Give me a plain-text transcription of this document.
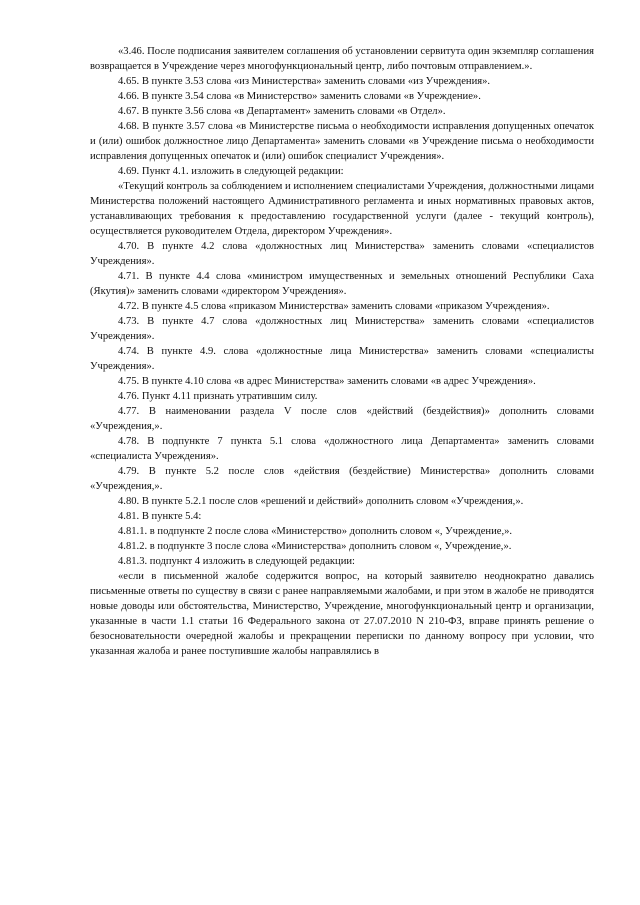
«3.46. После подписания заявителем соглашения об установлении сервитута один экземпляр соглашения возвращается в Учреждение через многофункциональный центр, либо почтовым отправлением.».

4.65. В пункте 3.53 слова «из Министерства» заменить словами «из Учреждения».

4.66. В пункте 3.54 слова «в Министерство» заменить словами «в Учреждение».

4.67. В пункте 3.56 слова «в Департамент» заменить словами «в Отдел».

4.68. В пункте 3.57 слова «в Министерстве письма о необходимости исправления допущенных опечаток и (или) ошибок должностное лицо Департамента» заменить словами «в Учреждение письма о необходимости исправления допущенных опечаток и (или) ошибок специалист Учреждения».

4.69. Пункт 4.1. изложить в следующей редакции:

«Текущий контроль за соблюдением и исполнением специалистами Учреждения, должностными лицами Министерства положений настоящего Административного регламента и иных нормативных правовых актов, устанавливающих требования к предоставлению государственной услуги (далее - текущий контроль), осуществляется руководителем Отдела, директором Учреждения».

4.70. В пункте 4.2 слова «должностных лиц Министерства» заменить словами «специалистов Учреждения».

4.71. В пункте 4.4 слова «министром имущественных и земельных отношений Республики Саха (Якутия)» заменить словами «директором Учреждения».

4.72. В пункте 4.5 слова «приказом Министерства» заменить словами «приказом Учреждения».

4.73. В пункте 4.7 слова «должностных лиц Министерства» заменить словами «специалистов Учреждения».

4.74. В пункте 4.9. слова «должностные лица Министерства» заменить словами «специалисты Учреждения».

4.75. В пункте 4.10 слова «в адрес Министерства» заменить словами «в адрес Учреждения».

4.76. Пункт 4.11 признать утратившим силу.

4.77. В наименовании раздела V после слов «действий (бездействия)» дополнить словами «Учреждения,».

4.78. В подпункте 7 пункта 5.1 слова «должностного лица Департамента» заменить словами «специалиста Учреждения».

4.79. В пункте 5.2 после слов «действия (бездействие) Министерства» дополнить словами «Учреждения,».

4.80. В пункте 5.2.1 после слов «решений и действий» дополнить словом «Учреждения,».

4.81. В пункте 5.4:

4.81.1. в подпункте 2 после слова «Министерство» дополнить словом «, Учреждение,».

4.81.2. в подпункте 3 после слова «Министерства» дополнить словом «, Учреждение,».

4.81.3. подпункт 4 изложить в следующей редакции:

«если в письменной жалобе содержится вопрос, на который заявителю неоднократно давались письменные ответы по существу в связи с ранее направляемыми жалобами, и при этом в жалобе не приводятся новые доводы или обстоятельства, Министерство, Учреждение, многофункциональный центр и организации, указанные в части 1.1 статьи 16 Федерального закона от 27.07.2010 N 210-ФЗ, вправе принять решение о безосновательности очередной жалобы и прекращении переписки по данному вопросу при условии, что указанная жалоба и ранее поступившие жалобы направлялись в
